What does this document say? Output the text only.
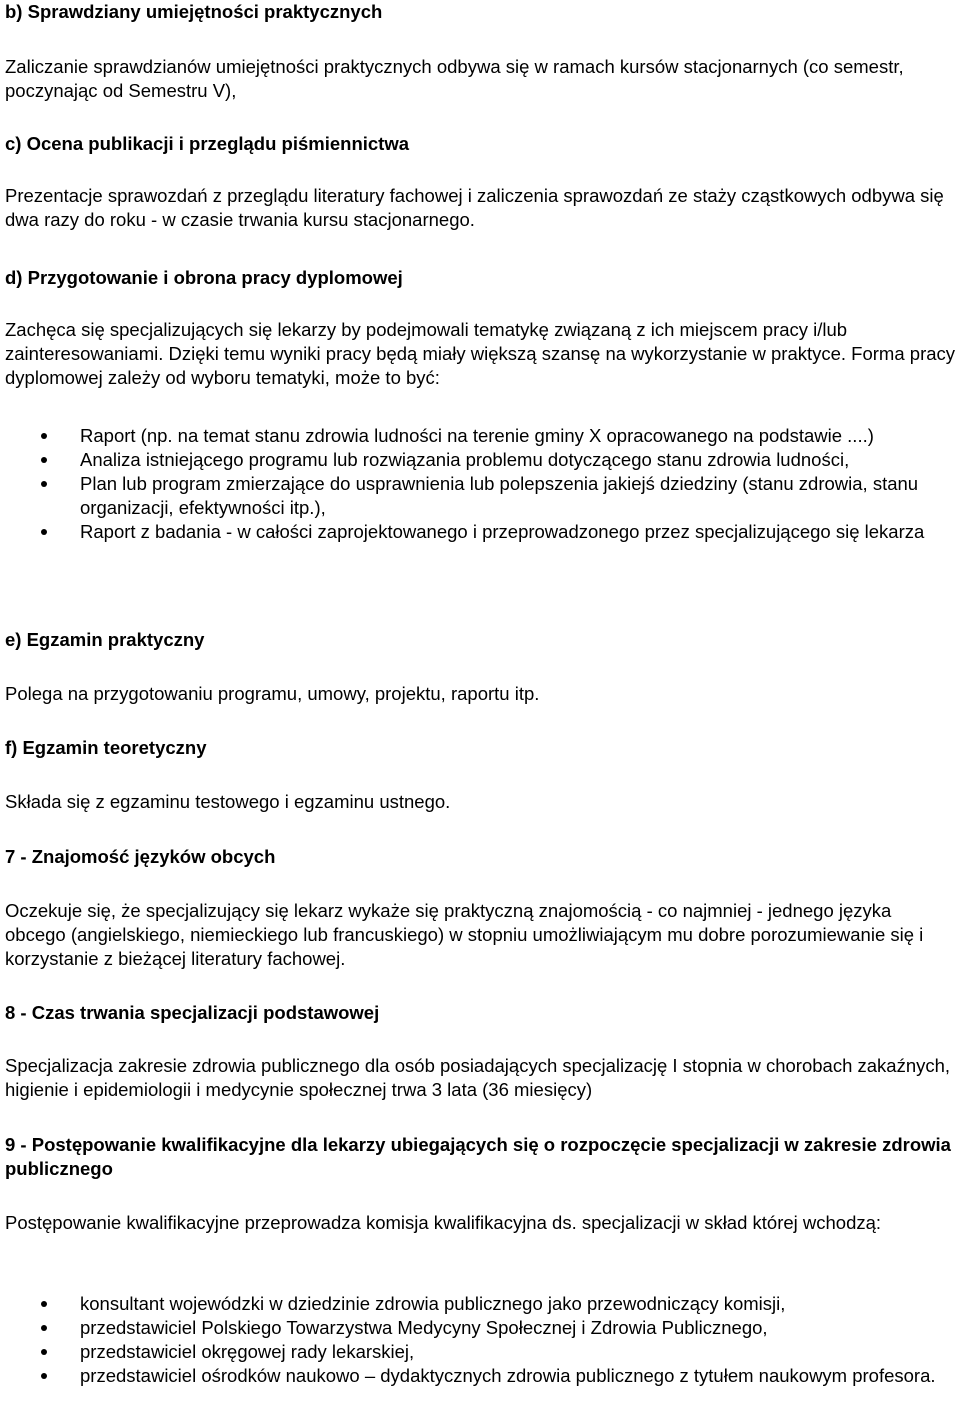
b) Sprawdziany umiejętności praktycznych

Zaliczanie sprawdzianów umiejętności praktycznych odbywa się w ramach kursów stacjonarnych (co semestr, poczynając od Semestru V),

c) Ocena publikacji i przeglądu piśmiennictwa

Prezentacje sprawozdań z przeglądu literatury fachowej i zaliczenia sprawozdań ze staży cząstkowych odbywa się dwa razy do roku - w czasie trwania kursu stacjonarnego.

d) Przygotowanie i obrona pracy dyplomowej

Zachęca się specjalizujących się lekarzy by podejmowali tematykę związaną z ich miejscem pracy i/lub zainteresowaniami. Dzięki temu wyniki pracy będą miały większą szansę na wykorzystanie w praktyce. Forma pracy dyplomowej zależy od wyboru tematyki, może to być:

Raport (np. na temat stanu zdrowia ludności na terenie gminy X opracowanego na podstawie ....)
Analiza istniejącego programu lub rozwiązania problemu dotyczącego stanu zdrowia ludności,
Plan lub program zmierzające do usprawnienia lub polepszenia jakiejś dziedziny (stanu zdrowia, stanu organizacji, efektywności itp.),
Raport z badania - w całości zaprojektowanego i przeprowadzonego przez specjalizującego się lekarza

e) Egzamin praktyczny

Polega na przygotowaniu programu, umowy, projektu, raportu itp.

f) Egzamin teoretyczny

Składa się z egzaminu testowego i egzaminu ustnego.

7 - Znajomość języków obcych

Oczekuje się, że specjalizujący się lekarz wykaże się praktyczną znajomością - co najmniej - jednego języka obcego (angielskiego, niemieckiego lub francuskiego) w stopniu umożliwiającym mu dobre porozumiewanie się i korzystanie z bieżącej literatury fachowej.

8 - Czas trwania specjalizacji podstawowej

Specjalizacja zakresie zdrowia publicznego dla osób posiadających specjalizację I stopnia w chorobach zakaźnych, higienie i epidemiologii i medycynie społecznej trwa 3 lata (36 miesięcy)

9 - Postępowanie kwalifikacyjne dla lekarzy ubiegających się o rozpoczęcie specjalizacji w zakresie zdrowia publicznego

Postępowanie kwalifikacyjne przeprowadza komisja kwalifikacyjna ds. specjalizacji w skład której wchodzą:

konsultant wojewódzki w dziedzinie zdrowia publicznego jako przewodniczący komisji,
przedstawiciel Polskiego Towarzystwa Medycyny Społecznej i Zdrowia Publicznego,
przedstawiciel okręgowej rady lekarskiej,
przedstawiciel ośrodków naukowo – dydaktycznych zdrowia publicznego z tytułem naukowym profesora.
